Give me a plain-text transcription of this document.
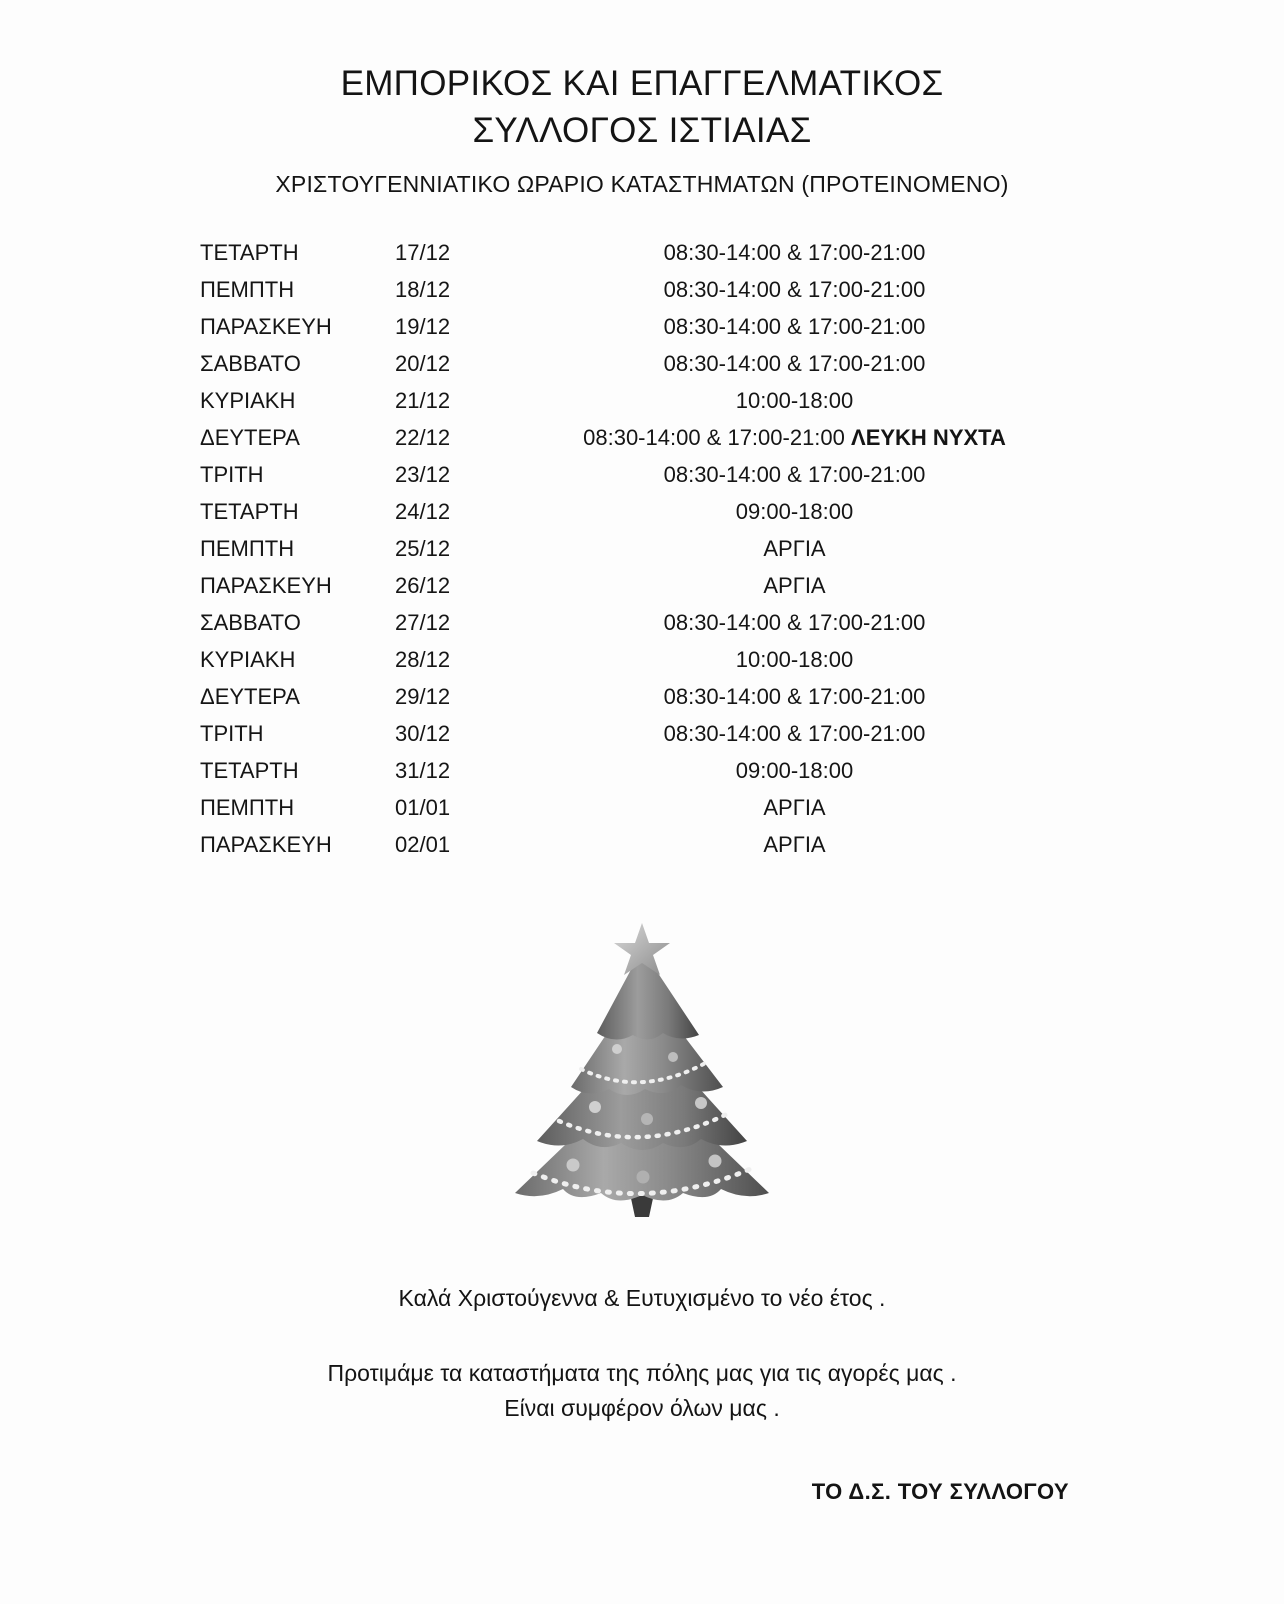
ΕΜΠΟΡΙΚΟΣ ΚΑΙ ΕΠΑΓΓΕΛΜΑΤΙΚΟΣ
ΣΥΛΛΟΓΟΣ ΙΣΤΙΑΙΑΣ
ΧΡΙΣΤΟΥΓΕΝΝΙΑΤΙΚΟ ΩΡΑΡΙΟ ΚΑΤΑΣΤΗΜΑΤΩΝ (ΠΡΟΤΕΙΝΟΜΕΝΟ)
ΤΕΤΑΡΤΗ	17/12	08:30-14:00 & 17:00-21:00
ΠΕΜΠΤΗ	18/12	08:30-14:00 & 17:00-21:00
ΠΑΡΑΣΚΕΥΗ	19/12	08:30-14:00 & 17:00-21:00
ΣΑΒΒΑΤΟ	20/12	08:30-14:00 & 17:00-21:00
ΚΥΡΙΑΚΗ	21/12	10:00-18:00
ΔΕΥΤΕΡΑ	22/12	08:30-14:00 & 17:00-21:00 ΛΕΥΚΗ ΝΥΧΤΑ
ΤΡΙΤΗ	23/12	08:30-14:00 & 17:00-21:00
ΤΕΤΑΡΤΗ	24/12	09:00-18:00
ΠΕΜΠΤΗ	25/12	ΑΡΓΙΑ
ΠΑΡΑΣΚΕΥΗ	26/12	ΑΡΓΙΑ
ΣΑΒΒΑΤΟ	27/12	08:30-14:00 & 17:00-21:00
ΚΥΡΙΑΚΗ	28/12	10:00-18:00
ΔΕΥΤΕΡΑ	29/12	08:30-14:00 & 17:00-21:00
ΤΡΙΤΗ	30/12	08:30-14:00 & 17:00-21:00
ΤΕΤΑΡΤΗ	31/12	09:00-18:00
ΠΕΜΠΤΗ	01/01	ΑΡΓΙΑ
ΠΑΡΑΣΚΕΥΗ	02/01	ΑΡΓΙΑ
Καλά Χριστούγεννα & Ευτυχισμένο το νέο έτος .
Προτιμάμε τα καταστήματα της πόλης μας για τις αγορές μας .
Είναι συμφέρον όλων μας .
ΤΟ Δ.Σ. ΤΟΥ ΣΥΛΛΟΓΟΥ
